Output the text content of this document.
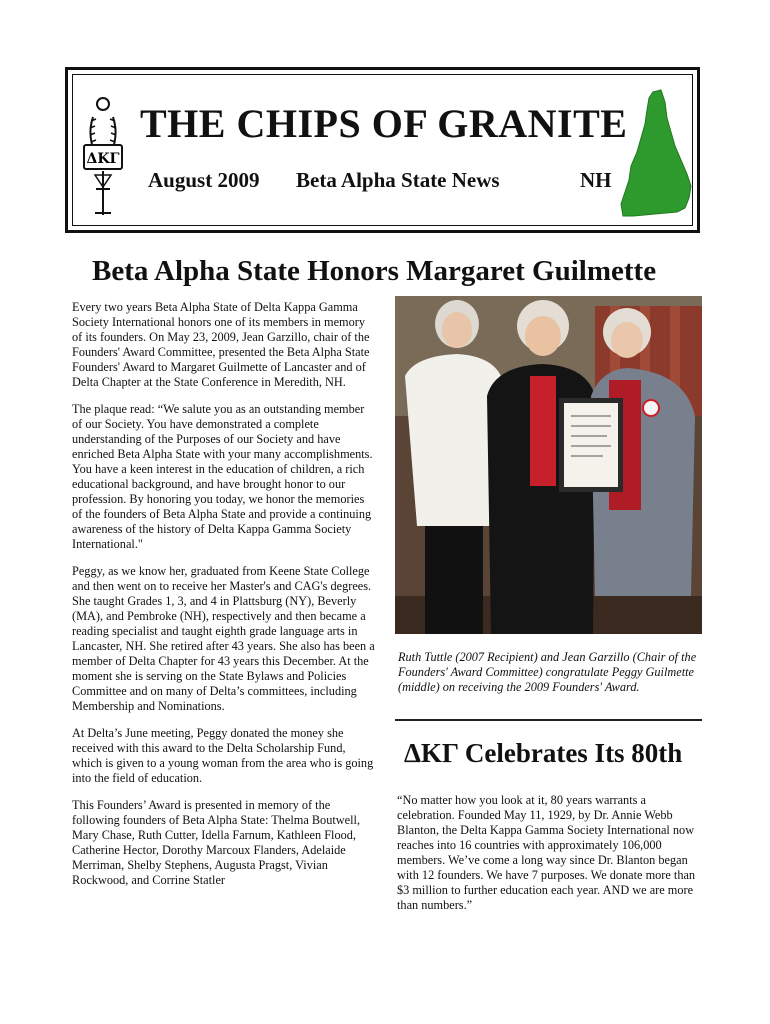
ΔKΓ
THE CHIPS OF GRANITE
August 2009 Beta Alpha State News	NH
Beta Alpha State Honors Margaret Guilmette

Every two years Beta Alpha State of Delta Kappa Gamma Society International honors one of its members in memory of its founders. On May 23, 2009, Jean Garzillo, chair of the Founders' Award Committee, presented the Beta Alpha State Founders' Award to Margaret Guilmette of Lancaster and of Delta Chapter at the State Conference in Meredith, NH.

The plaque read: “We salute you as an outstanding member of our Society. You have demonstrated a complete understanding of the Purposes of our Society and have enriched Beta Alpha State with your many accomplishments. You have a keen interest in the education of children, a rich educational background, and have brought honor to our profession. By honoring you today, we honor the memories of the founders of Beta Alpha State and provide a continuing awareness of the history of Delta Kappa Gamma Society International."

Peggy, as we know her, graduated from Keene State College and then went on to receive her Master's and CAG's degrees. She taught Grades 1, 3, and 4 in Plattsburg (NY), Beverly (MA), and Pembroke (NH), respectively and then became a reading specialist and taught eighth grade language arts in Lancaster, NH. She retired after 43 years. She also has been a member of Delta Chapter for 43 years this December. At the moment she is serving on the State Bylaws and Policies Committee and on many of Delta’s committees, including Membership and Nominations.

At Delta’s June meeting, Peggy donated the money she received with this award to the Delta Scholarship Fund, which is given to a young woman from the area who is going into the field of education.

This Founders’ Award is presented in memory of the following founders of Beta Alpha State: Thelma Boutwell, Mary Chase, Ruth Cutter, Idella Farnum, Kathleen Flood, Catherine Hector, Dorothy Marcoux Flanders, Adelaide Merriman, Shelby Stephens, Augusta Pragst, Vivian Rockwood, and Corrine Statler

Ruth Tuttle (2007 Recipient) and Jean Garzillo (Chair of the Founders' Award Committee) congratulate Peggy Guilmette (middle) on receiving the 2009 Founders' Award.
ΔKΓ Celebrates Its 80th
“No matter how you look at it, 80 years warrants a celebration. Founded May 11, 1929, by Dr. Annie Webb Blanton, the Delta Kappa Gamma Society International now reaches into 16 countries with approximately 106,000 members. We’ve come a long way since Dr. Blanton began with 12 founders. We have 7 purposes. We donate more than $3 million to further education each year. AND we are more than numbers.”
